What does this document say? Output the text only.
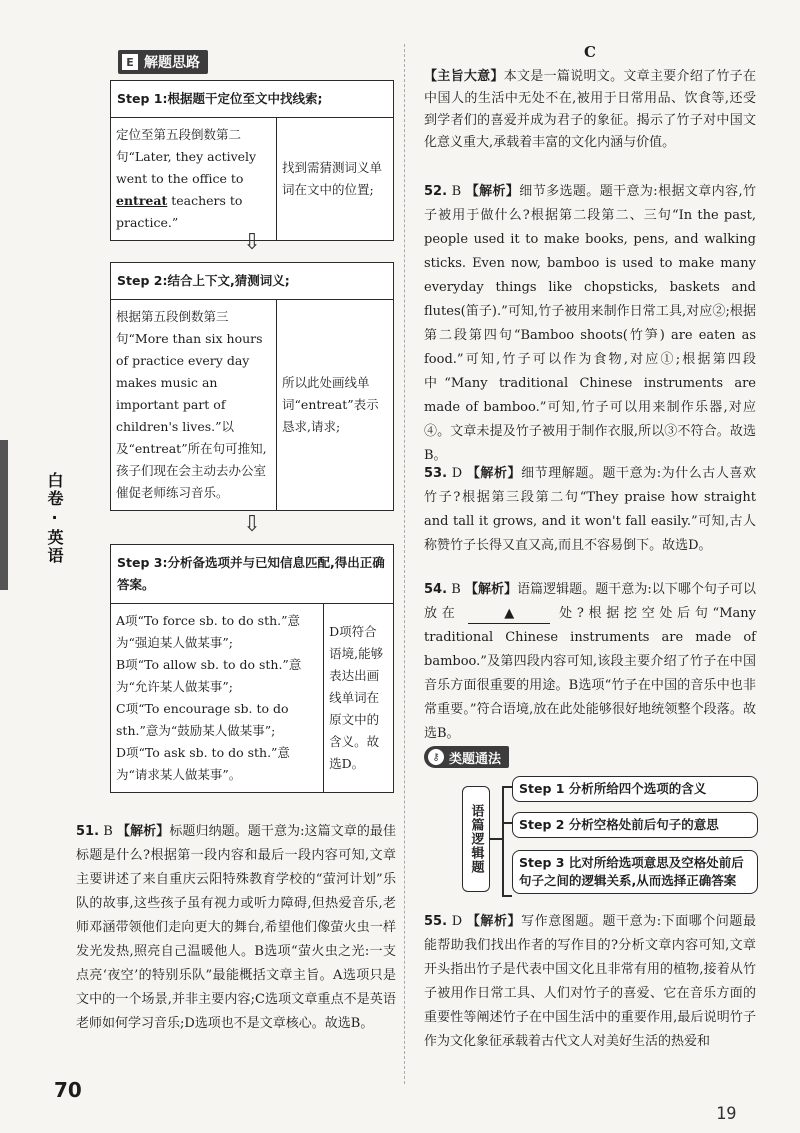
白卷·英语
E 解题思路
Step 1:根据题干定位至文中找线索;
定位至第五段倒数第二句“Later, they actively went to the office to entreat teachers to practice.”
找到需猜测词义单词在文中的位置;
⇩
Step 2:结合上下文,猜测词义;
根据第五段倒数第三句“More than six hours of practice every day makes music an important part of children's lives.”以及“entreat”所在句可推知,孩子们现在会主动去办公室催促老师练习音乐。
所以此处画线单词“entreat”表示恳求,请求;
⇩
Step 3:分析备选项并与已知信息匹配,得出正确答案。
A项“To force sb. to do sth.”意为“强迫某人做某事”;
B项“To allow sb. to do sth.”意为“允许某人做某事”;
C项“To encourage sb. to do sth.”意为“鼓励某人做某事”;
D项“To ask sb. to do sth.”意为“请求某人做某事”。
D项符合语境,能够表达出画线单词在原文中的含义。故选D。

51. B 【解析】标题归纳题。题干意为:这篇文章的最佳标题是什么?根据第一段内容和最后一段内容可知,文章主要讲述了来自重庆云阳特殊教育学校的“萤河计划”乐队的故事,这些孩子虽有视力或听力障碍,但热爱音乐,老师邓涵带领他们走向更大的舞台,希望他们像萤火虫一样发光发热,照亮自己温暖他人。B选项“萤火虫之光:一支点亮‘夜空’的特别乐队”最能概括文章主旨。A选项只是文中的一个场景,并非主要内容;C选项文章重点不是英语老师如何学习音乐;D选项也不是文章核心。故选B。

70
C

【主旨大意】本文是一篇说明文。文章主要介绍了竹子在中国人的生活中无处不在,被用于日常用品、饮食等,还受到学者们的喜爱并成为君子的象征。揭示了竹子对中国文化意义重大,承载着丰富的文化内涵与价值。

52. B 【解析】细节多选题。题干意为:根据文章内容,竹子被用于做什么?根据第二段第二、三句“In the past, people used it to make books, pens, and walking sticks. Even now, bamboo is used to make many everyday things like chopsticks, baskets and flutes(笛子).”可知,竹子被用来制作日常工具,对应②;根据第二段第四句“Bamboo shoots(竹笋) are eaten as food.”可知,竹子可以作为食物,对应①;根据第四段中“Many traditional Chinese instruments are made of bamboo.”可知,竹子可以用来制作乐器,对应④。文章未提及竹子被用于制作衣服,所以③不符合。故选B。

53. D 【解析】细节理解题。题干意为:为什么古人喜欢竹子?根据第三段第二句“They praise how straight and tall it grows, and it won't fall easily.”可知,古人称赞竹子长得又直又高,而且不容易倒下。故选D。

54. B 【解析】语篇逻辑题。题干意为:以下哪个句子可以放在	▲	处?根据挖空处后句“Many traditional Chinese instruments are made of bamboo.”及第四段内容可知,该段主要介绍了竹子在中国音乐方面很重要的用途。B选项“竹子在中国的音乐中也非常重要。”符合语境,放在此处能够很好地统领整个段落。故选B。

⚷ 类题通法
语篇逻辑题
Step 1 分析所给四个选项的含义
Step 2 分析空格处前后句子的意思
Step 3 比对所给选项意思及空格处前后句子之间的逻辑关系,从而选择正确答案

55. D 【解析】写作意图题。题干意为:下面哪个问题最能帮助我们找出作者的写作目的?分析文章内容可知,文章开头指出竹子是代表中国文化且非常有用的植物,接着从竹子被用作日常工具、人们对竹子的喜爱、它在音乐方面的重要性等阐述竹子在中国生活中的重要作用,最后说明竹子作为文化象征承载着古代文人对美好生活的热爱和

19
